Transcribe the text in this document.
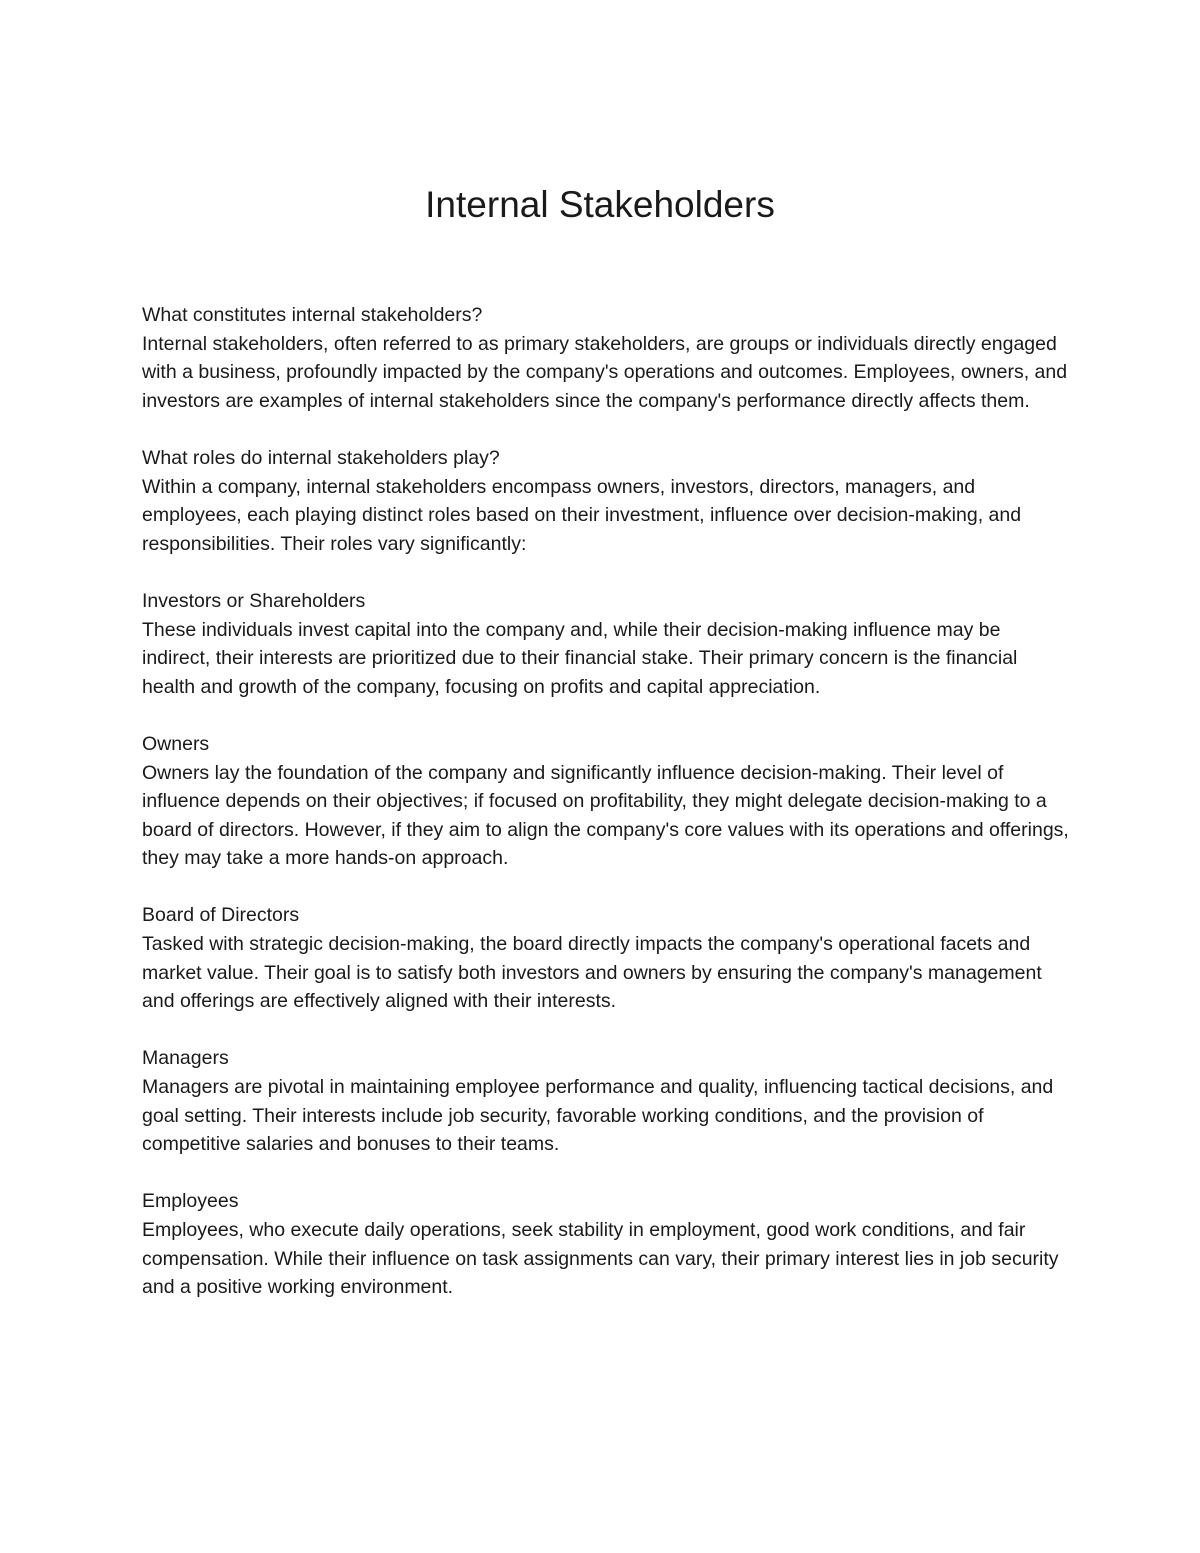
Internal Stakeholders

What constitutes internal stakeholders?

Internal stakeholders, often referred to as primary stakeholders, are groups or individuals directly engaged with a business, profoundly impacted by the company's operations and outcomes. Employees, owners, and investors are examples of internal stakeholders since the company's performance directly affects them.

What roles do internal stakeholders play?

Within a company, internal stakeholders encompass owners, investors, directors, managers, and employees, each playing distinct roles based on their investment, influence over decision-making, and responsibilities. Their roles vary significantly:

Investors or Shareholders

These individuals invest capital into the company and, while their decision-making influence may be indirect, their interests are prioritized due to their financial stake. Their primary concern is the financial health and growth of the company, focusing on profits and capital appreciation.

Owners

Owners lay the foundation of the company and significantly influence decision-making. Their level of influence depends on their objectives; if focused on profitability, they might delegate decision-making to a board of directors. However, if they aim to align the company's core values with its operations and offerings, they may take a more hands-on approach.

Board of Directors

Tasked with strategic decision-making, the board directly impacts the company's operational facets and market value. Their goal is to satisfy both investors and owners by ensuring the company's management and offerings are effectively aligned with their interests.

Managers

Managers are pivotal in maintaining employee performance and quality, influencing tactical decisions, and goal setting. Their interests include job security, favorable working conditions, and the provision of competitive salaries and bonuses to their teams.

Employees

Employees, who execute daily operations, seek stability in employment, good work conditions, and fair compensation. While their influence on task assignments can vary, their primary interest lies in job security and a positive working environment.
